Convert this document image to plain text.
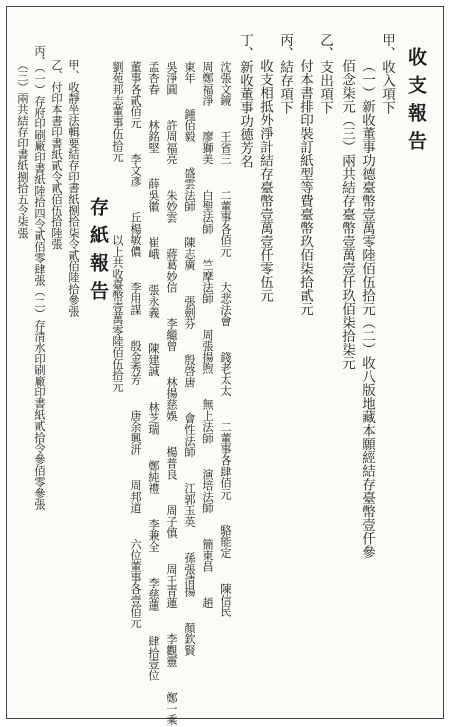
收支報告
甲、收入項下
（一）新收董事功德臺幣壹萬零陸佰伍拾元（二）收八版地藏本願經結存臺幣壹仟參
佰念柒元（三）兩共結存臺幣壹萬壹仟玖佰柒拾柒元
乙、支出項下
付本書排印裝訂紙型等費臺幣玖佰柒拾貳元
丙、結存項下
收支相抵外淨計結存臺幣壹萬壹仟零伍元
丁、新收董事功德芳名
沈張文鏡 王省三 二董事各佰元 大悲法會 錢老太太 二董事各肆佰元 駱能定 陳信民
周鄭福淨 廖獅美 白聖法師 竺摩法師 周張揚煦 無上法師 演培法師 簡東昌 趙
東年 鍾佰毅 盛雲法師 陳志廣 張劍芬 殷啓唐 會性法師 江郭玉英 孫張清揚 顏欽賢
吳淨圓 許周福亮 朱妙雲 蔣葛妙信 李繼曾 林揚慈娛 楊普良 周子慎 周王青蓮 李觀靈 鄭一乘
孟杏春 林銘堅 薛吳徽 崔峨 張永義 陳建誠 林芝瑞 鄭純禮 李兼全 李慈蓮 肆拾壹位
董事各貳佰元 李文彥 丘楊敏儂 李用謀 殷金秀芳 唐余興汧 周邦道 六位董事各壹佰元
劉苑邦志董事伍拾元 以上共收臺幣壹萬零陸佰伍拾元
存紙報告
甲、收靜坐法輯要結存印書紙捌拾柒令貳佰陸拾參張
乙、付印本書印書紙貳令貳佰伍拾陸張
丙、（一）存府印刷廠印書紙陸拾四令貳佰零肆張（二）存清水印刷廠印書紙貳拾令參佰零參張
（三）兩共結存印書紙捌拾五令柒張
